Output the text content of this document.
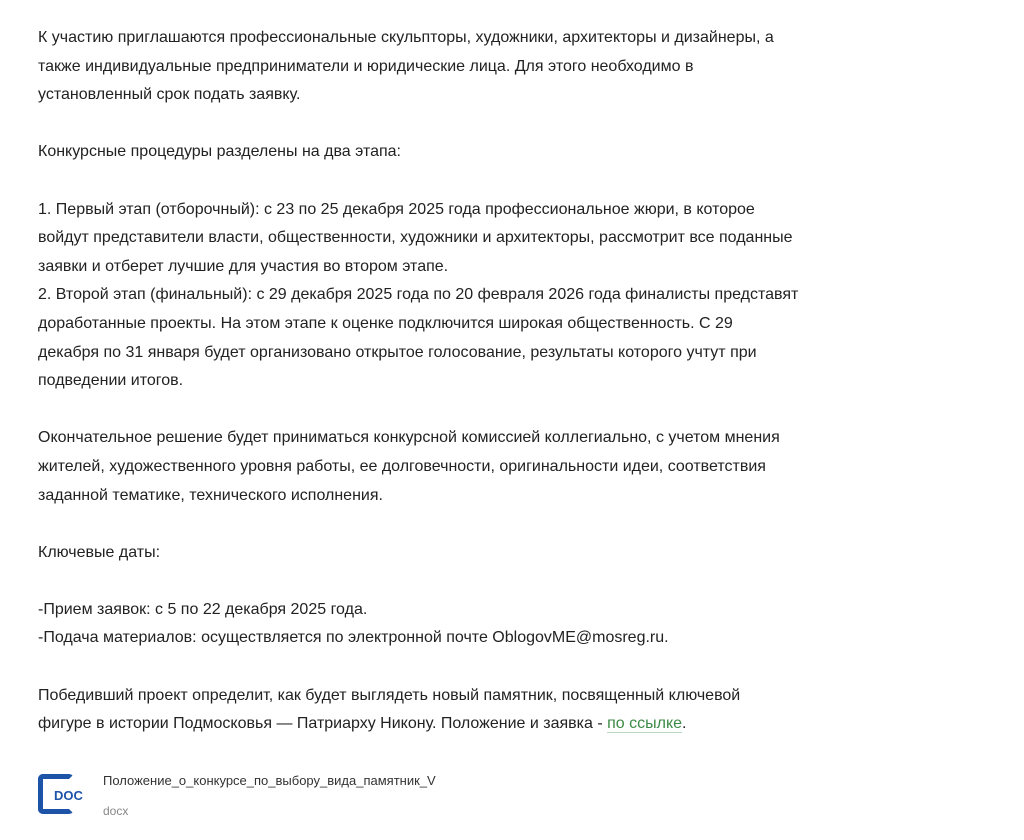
К участию приглашаются профессиональные скульпторы, художники, архитекторы и дизайнеры, а
также индивидуальные предприниматели и юридические лица. Для этого необходимо в
установленный срок подать заявку.
Конкурсные процедуры разделены на два этапа:
1. Первый этап (отборочный): с 23 по 25 декабря 2025 года профессиональное жюри, в которое
войдут представители власти, общественности, художники и архитекторы, рассмотрит все поданные
заявки и отберет лучшие для участия во втором этапе.
2. Второй этап (финальный): с 29 декабря 2025 года по 20 февраля 2026 года финалисты представят
доработанные проекты. На этом этапе к оценке подключится широкая общественность. С 29
декабря по 31 января будет организовано открытое голосование, результаты которого учтут при
подведении итогов.
Окончательное решение будет приниматься конкурсной комиссией коллегиально, с учетом мнения
жителей, художественного уровня работы, ее долговечности, оригинальности идеи, соответствия
заданной тематике, технического исполнения.
Ключевые даты:
-Прием заявок: с 5 по 22 декабря 2025 года.
-Подача материалов: осуществляется по электронной почте OblogovME@mosreg.ru.
Победивший проект определит, как будет выглядеть новый памятник, посвященный ключевой
фигуре в истории Подмосковья — Патриарху Никону. Положение и заявка - по ссылке.
DOC
Положение_о_конкурсе_по_выбору_вида_памятник_V
docx
